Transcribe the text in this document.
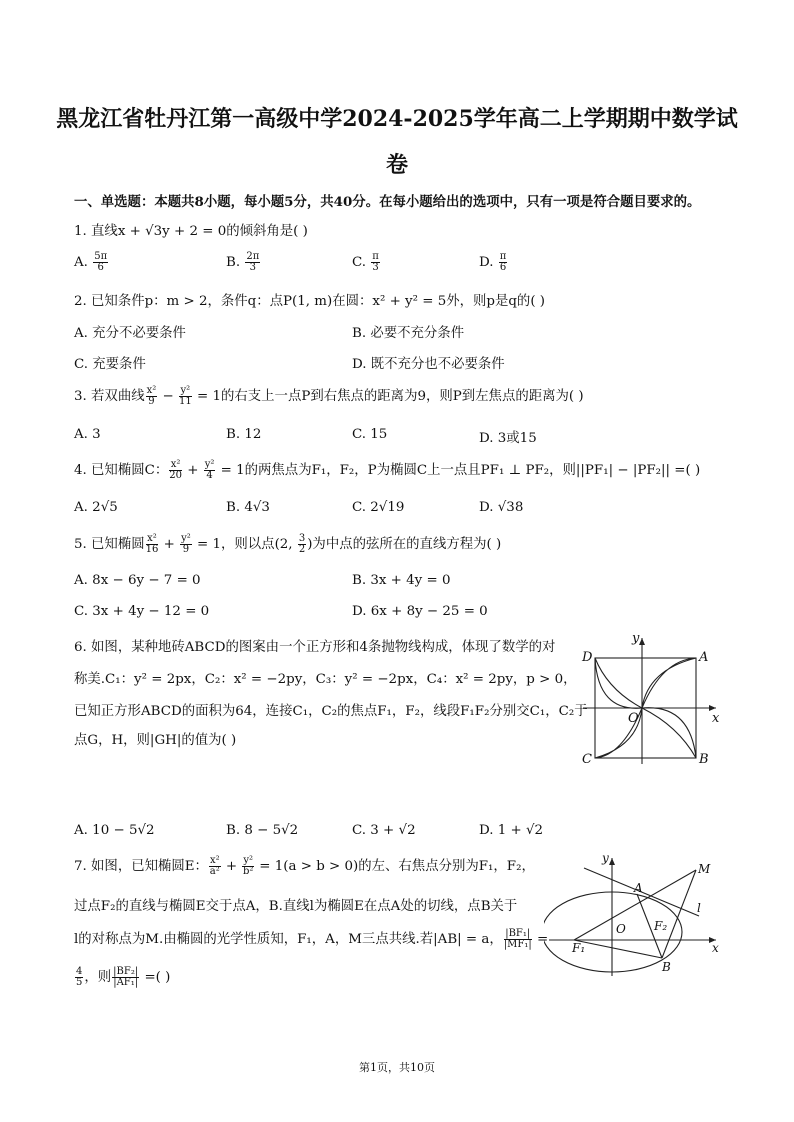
黑龙江省牡丹江第一高级中学2024-2025学年高二上学期期中数学试
卷
一、单选题：本题共8小题，每小题5分，共40分。在每小题给出的选项中，只有一项是符合题目要求的。
1. 直线x + √3y + 2 = 0的倾斜角是( )
A. $\frac{5\pi}{6}$	B. $\frac{2\pi}{3}$	C. $\frac{\pi}{3}$	D. $\frac{\pi}{6}$
2. 已知条件p：m > 2，条件q：点P(1, m)在圆：x² + y² = 5外，则p是q的( )
A. 充分不必要条件	B. 必要不充分条件
C. 充要条件	D. 既不充分也不必要条件
3. 若双曲线 $\frac{\text{x²}}{9} - \frac{\text{y²}}{11} = 1$的右支上一点P到右焦点的距离为9，则P到左焦点的距离为( )
A. 3	B. 12	C. 15	D. 3或15
4. 已知椭圆C： $\frac{\text{x²}}{20} + \frac{\text{y²}}{4} = 1$的两焦点为F₁，F₂，P为椭圆C上一点且PF₁ ⊥ PF₂，则||PF₁| − |PF₂|| =( )
A. 2√5	B. 4√3	C. 2√19	D. √38
5. 已知椭圆 $\frac{\text{x²}}{16} + \frac{\text{y²}}{9} = 1$，则以点(2, $\frac{3}{2}$ )为中点的弦所在的直线方程为( )
A. 8x − 6y − 7 = 0	B. 3x + 4y = 0
C. 3x + 4y − 12 = 0	D. 6x + 8y − 25 = 0
6. 如图，某种地砖ABCD的图案由一个正方形和4条抛物线构成，体现了数学的对
称美.C₁：y² = 2px，C₂：x² = −2py，C₃：y² = −2px，C₄：x² = 2py，p > 0，
已知正方形ABCD的面积为64，连接C₁，C₂的焦点F₁，F₂，线段F₁F₂分别交C₁，C₂于
点G，H，则|GH|的值为( )
D	A
C	B
O	x
y
A. 10 − 5√2	B. 8 − 5√2	C. 3 + √2	D. 1 + √2
7. 如图，已知椭圆E： $\frac{\text{x²}}{\text{a²}} + \frac{\text{y²}}{\text{b²}} = 1(a > b > 0)$的左、右焦点分别为F₁，F₂，
过点F₂的直线与椭圆E交于点A，B.直线l为椭圆E在点A处的切线，点B关于
l的对称点为M.由椭圆的光学性质知，F₁，A，M三点共线.若|AB| = a， $\frac{\text{|BF₁|}}{\text{|MF₁|}}$ =
$\frac{4}{5}$ ，则 $\frac{\text{|BF₂|}}{\text{|AF₁|}}$ =( )
y
M
A
l
O F₂
F₁	x
B
第1页，共10页
